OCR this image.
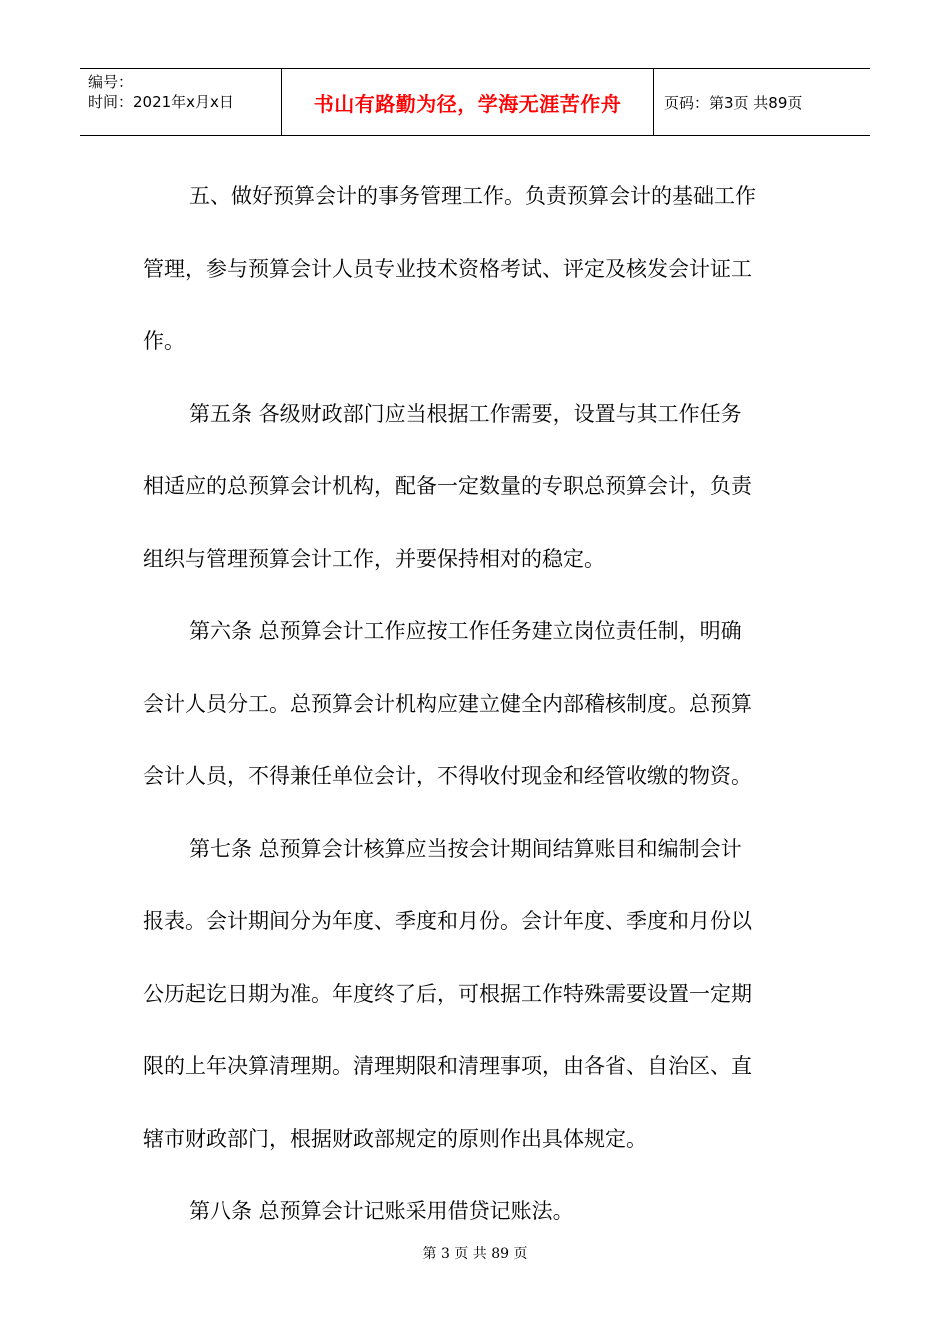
编号：
时间：2021年x月x日	书山有路勤为径，学海无涯苦作舟	页码：第3页 共89页

五、做好预算会计的事务管理工作。负责预算会计的基础工作

管理，参与预算会计人员专业技术资格考试、评定及核发会计证工

作。

第五条 各级财政部门应当根据工作需要，设置与其工作任务

相适应的总预算会计机构，配备一定数量的专职总预算会计，负责

组织与管理预算会计工作，并要保持相对的稳定。

第六条 总预算会计工作应按工作任务建立岗位责任制，明确

会计人员分工。总预算会计机构应建立健全内部稽核制度。总预算

会计人员，不得兼任单位会计，不得收付现金和经管收缴的物资。

第七条 总预算会计核算应当按会计期间结算账目和编制会计

报表。会计期间分为年度、季度和月份。会计年度、季度和月份以

公历起讫日期为准。年度终了后，可根据工作特殊需要设置一定期

限的上年决算清理期。清理期限和清理事项，由各省、自治区、直

辖市财政部门，根据财政部规定的原则作出具体规定。

第八条 总预算会计记账采用借贷记账法。

第 3 页 共 89 页
